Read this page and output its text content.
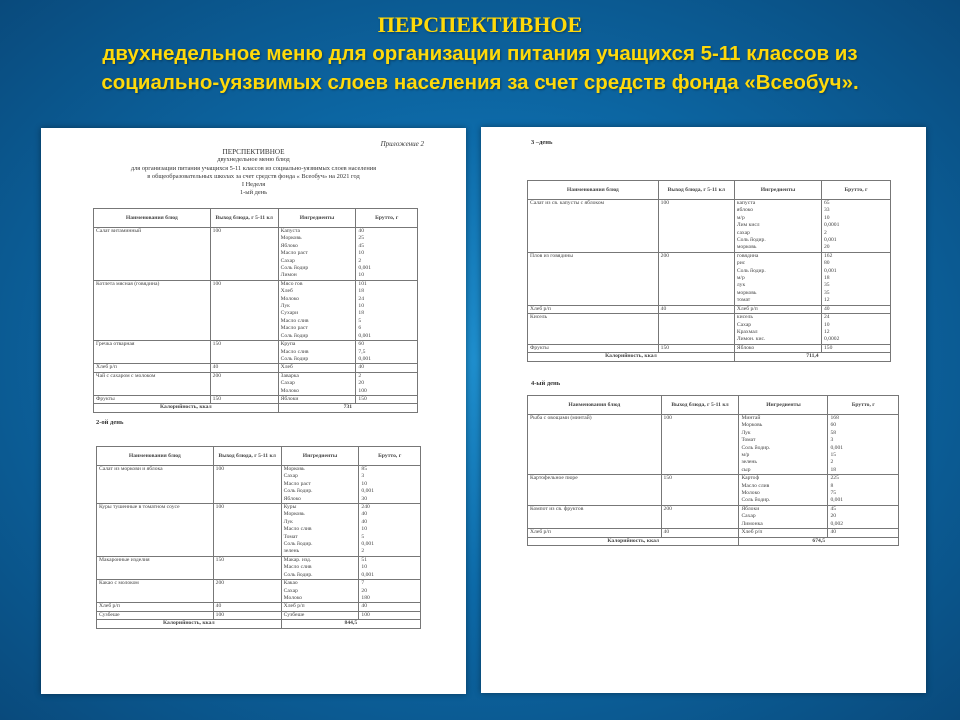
ПЕРСПЕКТИВНОЕ
двухнедельное меню для организации питания учащихся 5-11 классов из
социально-уязвимых слоев населения за счет средств фонда «Всеобуч».
Приложение 2
ПЕРСПЕКТИВНОЕ
двухнедельное меню блюд
для организации питания учащихся 5-11 классов из социально-уязвимых слоев населения
в общеобразовательных школах за счет средств фонда « Всеобуч» на 2021 год
I Неделя
1-ый день
Наименования блюд	Выход блюда, г 5-11 кл	Ингредиенты	Брутто, г
Салат витаминный	100	Капуста	40
		Морковь	25
		Яблоко	45
		Масло раст	10
		Сахар	2
		Соль йодир	0,001
		Лимон	10
Котлета мясная (говядина)	100	Мясо гов	101
		Хлеб	18
		Молоко	24
		Лук	10
		Сухари	18
		Масло слив	5
		Масло раст	6
		Соль йодир	0,001
Гречка отварная	150	Крупа	60
		Масло слив	7,5
		Соль йодир	0,001
Хлеб р/п	40	Хлеб	40
Чай с сахаром с молоком	200	Заварка	2
		Сахар	20
		Молоко	100
Фрукты	150	Яблоки	150
Калорийность, ккал		731	
2-ой день
Наименования блюд	Выход блюда, г 5-11 кл	Ингредиенты	Брутто, г
Салат из моркови и яблока	100	Морковь	85
		Сахар	3
		Масло раст	10
		Соль йодир.	0,001
		Яблоко	30
Куры тушенные в томатном соусе	100	Куры	240
		Морковь	40
		Лук	40
		Масло слив	10
		Томат	5
		Соль йодир.	0,001
		зелень	2
Макаронные изделия	150	Макар. изд.	51
		Масло слив	10
		Соль йодир.	0,001
Какао с молоком	200	Какао	7
		Сахар	20
		Молоко	180
Хлеб р/п	40	Хлеб р/п	40
Сузбеше	100	Сузбеше	100
Калорийность, ккал		844,5	
3 –день
Наименования блюд	Выход блюда, г 5-11 кл	Ингредиенты	Брутто, г
Салат из св. капусты с яблоком	100	капуста	65
		яблоко	33
		м/р	10
		Лим кисл	0,0001
		сахар	2
		Соль йодир.	0,001
		морковь	20
Плов из говядины	200	говядина	162
		рис	80
		Соль йодир.	0,001
		м/р	18
		лук	35
		морковь	35
		томат	12
Хлеб р/п	40	Хлеб р/п	40
Кисель		кисель	24
		Сахар	10
		Крахмал	12
		Лимон. кис.	0,0002
Фрукты	150	Яблоко	150
Калорийность, ккал		711,4	
4-ый день
Наименования блюд	Выход блюда, г 5-11 кл	Ингредиенты	Брутто, г
Рыба с овощами (минтай)	100	Минтай	168
		Морковь	60
		Лук	58
		Томат	3
		Соль йодир.	0,001
		м/р	15
		зелень	2
		сыр	18
Картофельное пюре	150	Картоф	225
		Масло слив	8
		Молоко	75
		Соль йодир.	0,001
Компот из св. фруктов	200	Яблоки	45
		Сахар	20
		Лимонка	0,002
Хлеб р/п	40	Хлеб р/п	40
Калорийность, ккал		674,5	
